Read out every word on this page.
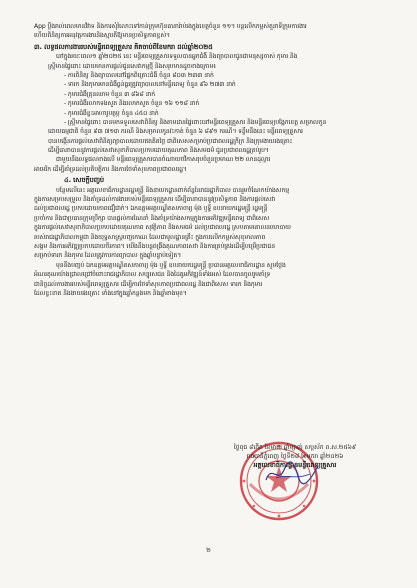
App ប្ដឹងរាល់ពេលមានវិវាទ និងការសុំរំលោះទៅកាន់ក្រុមហ៊ុនធានារ៉ាប់រងក្នុងខេត្តចំនួន ១១។ បន្តលើកកម្ពស់តួនាទីក្រុមការងារ
ហើយពិនិត្យការអនុវត្តការងារនិងស្មារតីឱ្យមានប្រសិទ្ធភាពខ្ពស់។
៣. លទ្ធផលការងាររបស់មន្ទីរពេទ្យគ្រួសារ គិតចាប់ពីខែមករា ដល់ឆ្នាំ២០២៥
នៅក្នុងរយៈពេល១ ឆ្នាំ២០២៥ នេះ មន្ទីរពេទ្យគ្រួសារទទួលបានអ្នកជំងឺ និងព្យាបាលជូនជាមនុស្សចាស់ កុមារ និង
ស្ត្រីមានផ្ទៃពោះ ដោយមានការផ្ដល់ជូនសេវាកម្មថ្មី និងសរុបមានដូចខាងក្រោម៖
- ការពិនិត្យ និងព្យាបាលនៅផ្នែកពិគ្រោះជំងឺ ចំនួន ៨០៣ ២៣៣ នាក់
- ទារក និងកុមារមានជំងឺធ្ងន់ធ្ងរត្រូវព្យាបាលនៅមន្ទីរពេទ្យ ចំនួន ៩៦ ២៧៣ នាក់
- កុមារជំងឺគ្រុនឈាម ចំនួន ៣ ៨៦៨ នាក់
- កុមារជំងឺរលាកទងសួត និងរលាកសួត ចំនួន ១៦ ១១៨ នាក់
- កុមារជំងឺខ្វះអាហារូបត្ថម្ភ ចំនួន ៤៥០ នាក់
- ស្ត្រីមានផ្ទៃពោះ បានមកទទួលសេវាពិនិត្យ និងតាមដានផ្ទៃពោះនៅមន្ទីរពេទ្យគ្រួសារ និងមន្ទីរពេទ្យបង្អែកខេត្ត សម្រាលកូន
ដោយធម្មជាតិ ចំនួន ៩៣ ៧១៣ ករណី និងសម្រាលកូនវះកាត់ ចំនួន ៦ ៨៩១ ករណី។ ទន្ទឹមនឹងនេះ មន្ទីរពេទ្យគ្រួសារ
បានបង្កើនការផ្ដល់សេវាពិនិត្យព្យាបាលដោយឥតគិតថ្លៃ ជាពិសេសសម្រាប់ប្រជាពលរដ្ឋក្រីក្រ និងក្រុមងាយរងគ្រោះ
ដើម្បីធានាបាននូវការផ្ដល់សេវាសុខាភិបាលប្រកបដោយគុណភាព និងសមធម៌ ជូនប្រជាពលរដ្ឋគ្រប់រូប។
ជាមួយនឹងលទ្ធផលខាងលើ មន្ទីរពេទ្យគ្រួសារបានចំណាយថវិកាសរុបចំនួនប្រមាណ ២២ លានដុល្លារ
អាមេរិក ដើម្បីគាំទ្រដល់ប្រតិបត្តិការ និងការថែទាំសុខភាពប្រជាពលរដ្ឋ។
៤. សេចក្ដីបញ្ចប់
បន្ថែមលើនេះ អគ្គលេខាធិការដ្ឋានរដ្ឋមន្ត្រី និងនាយកដ្ឋានពាក់ព័ន្ធនៃរាជរដ្ឋាភិបាល បានរួមចំណែកយ៉ាងសកម្ម
ក្នុងការសម្របសម្រួល និងគាំទ្រដល់ការងាររបស់មន្ទីរពេទ្យគ្រួសារ ដើម្បីធានាបាននូវប្រសិទ្ធភាព និងការផ្ដល់សេវា
ដល់ប្រជាពលរដ្ឋ ប្រកបដោយភាពជឿជាក់។ ឯកឧត្តមអគ្គបណ្ឌិតសភាចារ្យ ម៉ុង ឫទ្ធី ឧបនាយករដ្ឋមន្ត្រី រដ្ឋមន្ត្រី
ប្រចាំការ និងជាប្រធានក្រុមប្រឹក្សា បានផ្ដល់ការណែនាំ និងគាំទ្រយ៉ាងសកម្មក្នុងការអភិវឌ្ឍមន្ទីរពេទ្យ ជាពិសេស
ក្នុងការផ្ដល់សេវាសុខាភិបាលប្រកបដោយគុណភាព សុវត្ថិភាព និងសមធម៌ ដល់ប្រជាពលរដ្ឋ ស្របតាមគោលនយោបាយ
របស់រាជរដ្ឋាភិបាលកម្ពុជា និងយុទ្ធសាស្ត្របញ្ចកោណ ដែលជាមូលដ្ឋានគ្រឹះ ក្នុងការលើកកម្ពស់សុខុមាលភាព
សង្គម និងការអភិវឌ្ឍប្រកបដោយចីរភាព។ យើងនឹងបន្តពង្រឹងគុណភាពសេវា និងការគ្រប់គ្រងដើម្បីបម្រើប្រជាជន
សម្រាប់ទារក និងកុមារ ដែលត្រូវការការព្យាបាល ក្នុងឆ្នាំបន្ទាប់ទៀត។
មុននឹងបញ្ចប់ ឯកឧត្តមអគ្គបណ្ឌិតសភាចារ្យ ម៉ុង ឫទ្ធី ឧបនាយករដ្ឋមន្ត្រី ប្រធានអគ្គលេខាធិការដ្ឋាន សូមថ្លែង
អំណរគុណយ៉ាងជ្រាលជ្រៅចំពោះរាជរដ្ឋាភិបាល សប្បុរសជន និងដៃគូអភិវឌ្ឍន៍ទាំងអស់ ដែលបានចូលរួមគាំទ្រ
ជានិច្ចដល់ការងាររបស់មន្ទីរពេទ្យគ្រួសារ ដើម្បីការថែទាំសុខភាពប្រជាពលរដ្ឋ និងជាពិសេស ទារក និងកុមារ
ដែលខ្វះខាត និងងាយរងគ្រោះ ទាំងនៅក្នុងឆ្នាំកន្លងមក និងឆ្នាំខាងមុខ។
ថ្ងៃពុធ ៨កើត ខែមាឃ ឆ្នាំម្សាញ់ សប្តស័ក ព.ស.២៥៦៩
រាជធានីភ្នំពេញ ថ្ងៃទី២៨ ខែមករា ឆ្នាំ២០២៦
អគ្គលេខាធិការដ្ឋានមន្ទីរពេទ្យគ្រួសារ
២
